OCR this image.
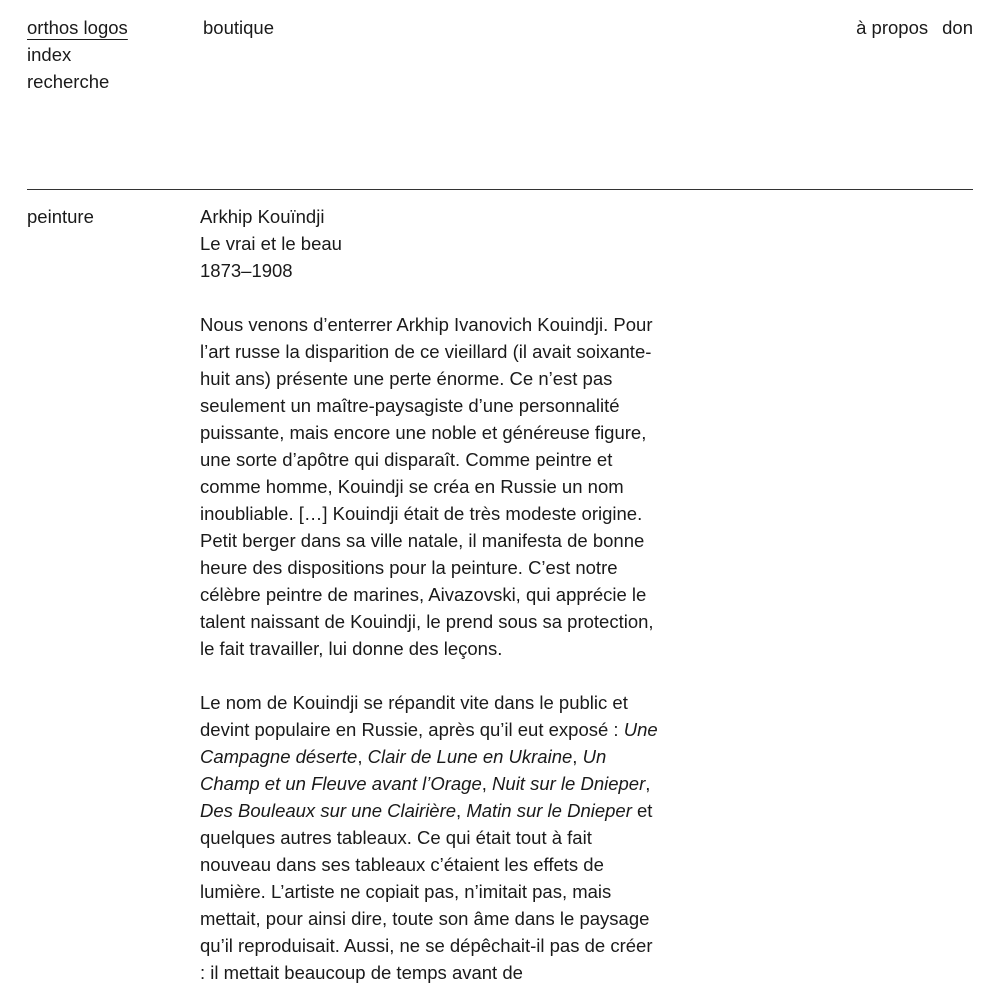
orthos logos
index
recherche
boutique	à propos don
peinture	Arkhip Kouïndji
Le vrai et le beau
1873–1908

Nous venons d’enterrer Arkhip Ivanovich Kouindji. Pour l’art russe la disparition de ce vieillard (il avait soixante-huit ans) présente une perte énorme. Ce n’est pas seulement un maître-paysagiste d’une personnalité puissante, mais encore une noble et généreuse figure, une sorte d’apôtre qui disparaît. Comme peintre et comme homme, Kouindji se créa en Russie un nom inoubliable. […] Kouindji était de très modeste origine. Petit berger dans sa ville natale, il manifesta de bonne heure des dispositions pour la peinture. C’est notre célèbre peintre de marines, Aivazovski, qui apprécie le talent naissant de Kouindji, le prend sous sa protection, le fait travailler, lui donne des leçons.

Le nom de Kouindji se répandit vite dans le public et devint populaire en Russie, après qu’il eut exposé : Une Campagne déserte, Clair de Lune en Ukraine, Un Champ et un Fleuve avant l’Orage, Nuit sur le Dnieper, Des Bouleaux sur une Clairière, Matin sur le Dnieper et quelques autres tableaux. Ce qui était tout à fait nouveau dans ses tableaux c’étaient les effets de lumière. L’artiste ne copiait pas, n’imitait pas, mais mettait, pour ainsi dire, toute son âme dans le paysage qu’il reproduisait. Aussi, ne se dépêchait-il pas de créer : il mettait beaucoup de temps avant de
